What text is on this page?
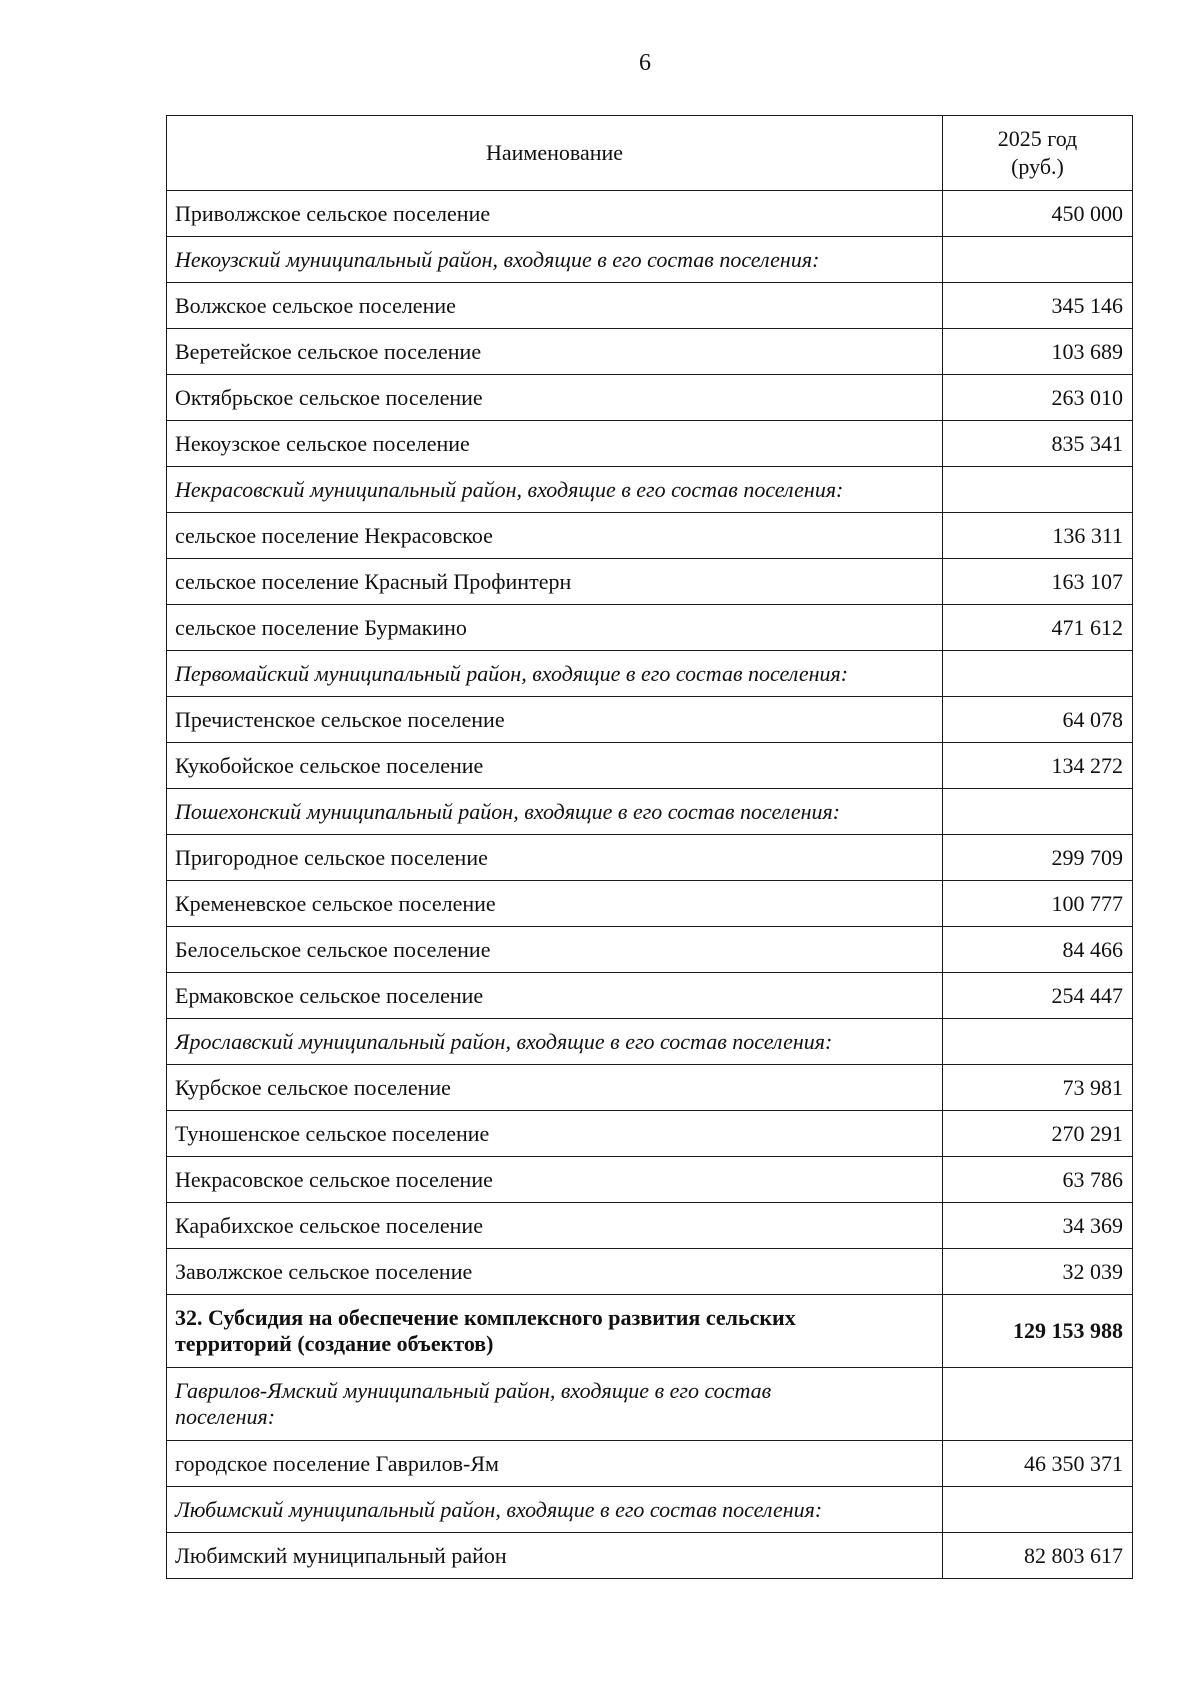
6
Наименование	2025 год
(руб.)
Приволжское сельское поселение	450 000
Некоузский муниципальный район, входящие в его состав поселения:	
Волжское сельское поселение	345 146
Веретейское сельское поселение	103 689
Октябрьское сельское поселение	263 010
Некоузское сельское поселение	835 341
Некрасовский муниципальный район, входящие в его состав поселения:	
сельское поселение Некрасовское	136 311
сельское поселение Красный Профинтерн	163 107
сельское поселение Бурмакино	471 612
Первомайский муниципальный район, входящие в его состав поселения:	
Пречистенское сельское поселение	64 078
Кукобойское сельское поселение	134 272
Пошехонский муниципальный район, входящие в его состав поселения:	
Пригородное сельское поселение	299 709
Кременевское сельское поселение	100 777
Белосельское сельское поселение	84 466
Ермаковское сельское поселение	254 447
Ярославский муниципальный район, входящие в его состав поселения:	
Курбское сельское поселение	73 981
Туношенское сельское поселение	270 291
Некрасовское сельское поселение	63 786
Карабихское сельское поселение	34 369
Заволжское сельское поселение	32 039
32. Субсидия на обеспечение комплексного развития сельских
территорий (создание объектов)	129 153 988
Гаврилов-Ямский муниципальный район, входящие в его состав
поселения:	
городское поселение Гаврилов-Ям	46 350 371
Любимский муниципальный район, входящие в его состав поселения:	
Любимский муниципальный район	82 803 617
